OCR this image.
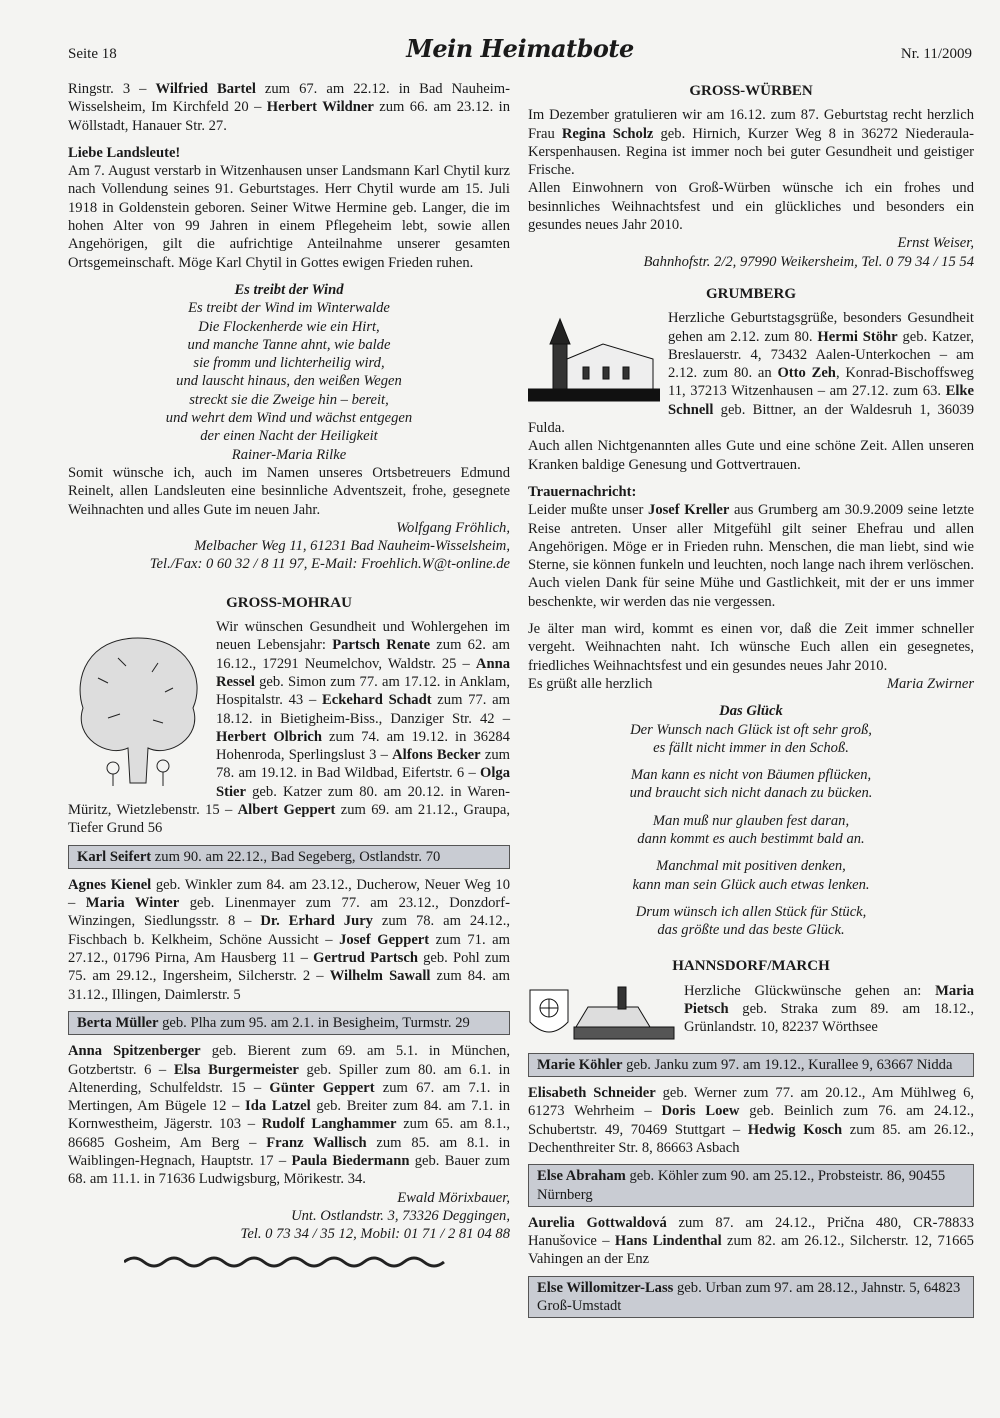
Seite 18	Mein Heimatbote	Nr. 11/2009

Ringstr. 3 – Wilfried Bartel zum 67. am 22.12. in Bad Nauheim-Wisselsheim, Im Kirchfeld 20 – Herbert Wildner zum 66. am 23.12. in Wöllstadt, Hanauer Str. 27.

Liebe Landsleute!

Am 7. August verstarb in Witzenhausen unser Landsmann Karl Chytil kurz nach Vollendung seines 91. Geburtstages. Herr Chytil wurde am 15. Juli 1918 in Goldenstein geboren. Seiner Witwe Hermine geb. Langer, die im hohen Alter von 99 Jahren in einem Pflegeheim lebt, sowie allen Angehörigen, gilt die aufrichtige Anteilnahme unserer gesamten Ortsgemeinschaft. Möge Karl Chytil in Gottes ewigen Frieden ruhen.

Es treibt der Wind
Es treibt der Wind im Winterwalde
Die Flockenherde wie ein Hirt,
und manche Tanne ahnt, wie balde
sie fromm und lichterheilig wird,
und lauscht hinaus, den weißen Wegen
streckt sie die Zweige hin – bereit,
und wehrt dem Wind und wächst entgegen
der einen Nacht der Heiligkeit
Rainer-Maria Rilke

Somit wünsche ich, auch im Namen unseres Ortsbetreuers Edmund Reinelt, allen Landsleuten eine besinnliche Adventszeit, frohe, gesegnete Weihnachten und alles Gute im neuen Jahr.

Wolfgang Fröhlich,
Melbacher Weg 11, 61231 Bad Nauheim-Wisselsheim,
Tel./Fax: 0 60 32 / 8 11 97, E-Mail: Froehlich.W@t-online.de
GROSS-MOHRAU

Wir wünschen Gesundheit und Wohlergehen im neuen Lebensjahr: Partsch Renate zum 62. am 16.12., 17291 Neumelchov, Waldstr. 25 – Anna Ressel geb. Simon zum 77. am 17.12. in Anklam, Hospitalstr. 43 – Eckehard Schadt zum 77. am 18.12. in Bietigheim-Biss., Danziger Str. 42 – Herbert Olbrich zum 74. am 19.12. in 36284 Hohenroda, Sperlingslust 3 – Alfons Becker zum 78. am 19.12. in Bad Wildbad, Eifertstr. 6 – Olga Stier geb. Katzer zum 80. am 20.12. in Waren-Müritz, Wietzlebenstr. 15 – Albert Geppert zum 69. am 21.12., Graupa, Tiefer Grund 56

Karl Seifert zum 90. am 22.12., Bad Segeberg, Ostlandstr. 70

Agnes Kienel geb. Winkler zum 84. am 23.12., Ducherow, Neuer Weg 10 – Maria Winter geb. Linenmayer zum 77. am 23.12., Donzdorf-Winzingen, Siedlungsstr. 8 – Dr. Erhard Jury zum 78. am 24.12., Fischbach b. Kelkheim, Schöne Aussicht – Josef Geppert zum 71. am 27.12., 01796 Pirna, Am Hausberg 11 – Gertrud Partsch geb. Pohl zum 75. am 29.12., Ingersheim, Silcherstr. 2 – Wilhelm Sawall zum 84. am 31.12., Illingen, Daimlerstr. 5

Berta Müller geb. Plha zum 95. am 2.1. in Besigheim, Turmstr. 29

Anna Spitzenberger geb. Bierent zum 69. am 5.1. in München, Gotzbertstr. 6 – Elsa Burgermeister geb. Spiller zum 80. am 6.1. in Altenerding, Schulfeldstr. 15 – Günter Geppert zum 67. am 7.1. in Mertingen, Am Bügele 12 – Ida Latzel geb. Breiter zum 84. am 7.1. in Kornwestheim, Jägerstr. 103 – Rudolf Langhammer zum 65. am 8.1., 86685 Gosheim, Am Berg – Franz Wallisch zum 85. am 8.1. in Waiblingen-Hegnach, Hauptstr. 17 – Paula Biedermann geb. Bauer zum 68. am 11.1. in 71636 Ludwigsburg, Mörikestr. 34.

Ewald Mörixbauer,
Unt. Ostlandstr. 3, 73326 Deggingen,
Tel. 0 73 34 / 35 12, Mobil: 01 71 / 2 81 04 88
GROSS-WÜRBEN

Im Dezember gratulieren wir am 16.12. zum 87. Geburtstag recht herzlich Frau Regina Scholz geb. Hirnich, Kurzer Weg 8 in 36272 Niederaula-Kerspenhausen. Regina ist immer noch bei guter Gesundheit und geistiger Frische.

Allen Einwohnern von Groß-Würben wünsche ich ein frohes und besinnliches Weihnachtsfest und ein glückliches und besonders ein gesundes neues Jahr 2010.

Ernst Weiser,
Bahnhofstr. 2/2, 97990 Weikersheim, Tel. 0 79 34 / 15 54
GRUMBERG

Herzliche Geburtstagsgrüße, besonders Gesundheit gehen am 2.12. zum 80. Hermi Stöhr geb. Katzer, Breslauerstr. 4, 73432 Aalen-Unterkochen – am 2.12. zum 80. an Otto Zeh, Konrad-Bischoffsweg 11, 37213 Witzenhausen – am 27.12. zum 63. Elke Schnell geb. Bittner, an der Waldesruh 1, 36039 Fulda.

Auch allen Nichtgenannten alles Gute und eine schöne Zeit. Allen unseren Kranken baldige Genesung und Gottvertrauen.

Trauernachricht:

Leider mußte unser Josef Kreller aus Grumberg am 30.9.2009 seine letzte Reise antreten. Unser aller Mitgefühl gilt seiner Ehefrau und allen Angehörigen. Möge er in Frieden ruhn. Menschen, die man liebt, sind wie Sterne, sie können funkeln und leuchten, noch lange nach ihrem verlöschen. Auch vielen Dank für seine Mühe und Gastlichkeit, mit der er uns immer beschenkte, wir werden das nie vergessen.

Je älter man wird, kommt es einen vor, daß die Zeit immer schneller vergeht. Weihnachten naht. Ich wünsche Euch allen ein gesegnetes, friedliches Weihnachtsfest und ein gesundes neues Jahr 2010.

Es grüßt alle herzlich	Maria Zwirner
Das Glück
Der Wunsch nach Glück ist oft sehr groß,
es fällt nicht immer in den Schoß.
Man kann es nicht von Bäumen pflücken,
und braucht sich nicht danach zu bücken.
Man muß nur glauben fest daran,
dann kommt es auch bestimmt bald an.
Manchmal mit positiven denken,
kann man sein Glück auch etwas lenken.
Drum wünsch ich allen Stück für Stück,
das größte und das beste Glück.
HANNSDORF/MARCH

Herzliche Glückwünsche gehen an: Maria Pietsch geb. Straka zum 89. am 18.12., Grünlandstr. 10, 82237 Wörthsee

Marie Köhler geb. Janku zum 97. am 19.12., Kurallee 9, 63667 Nidda

Elisabeth Schneider geb. Werner zum 77. am 20.12., Am Mühlweg 6, 61273 Wehrheim – Doris Loew geb. Beinlich zum 76. am 24.12., Schubertstr. 49, 70469 Stuttgart – Hedwig Kosch zum 85. am 26.12., Dechenthreiter Str. 8, 86663 Asbach

Else Abraham geb. Köhler zum 90. am 25.12., Probsteistr. 86, 90455 Nürnberg

Aurelia Gottwaldová zum 87. am 24.12., Prična 480, CR-78833 Hanušovice – Hans Lindenthal zum 82. am 26.12., Silcherstr. 12, 71665 Vahingen an der Enz

Else Willomitzer-Lass geb. Urban zum 97. am 28.12., Jahnstr. 5, 64823 Groß-Umstadt
